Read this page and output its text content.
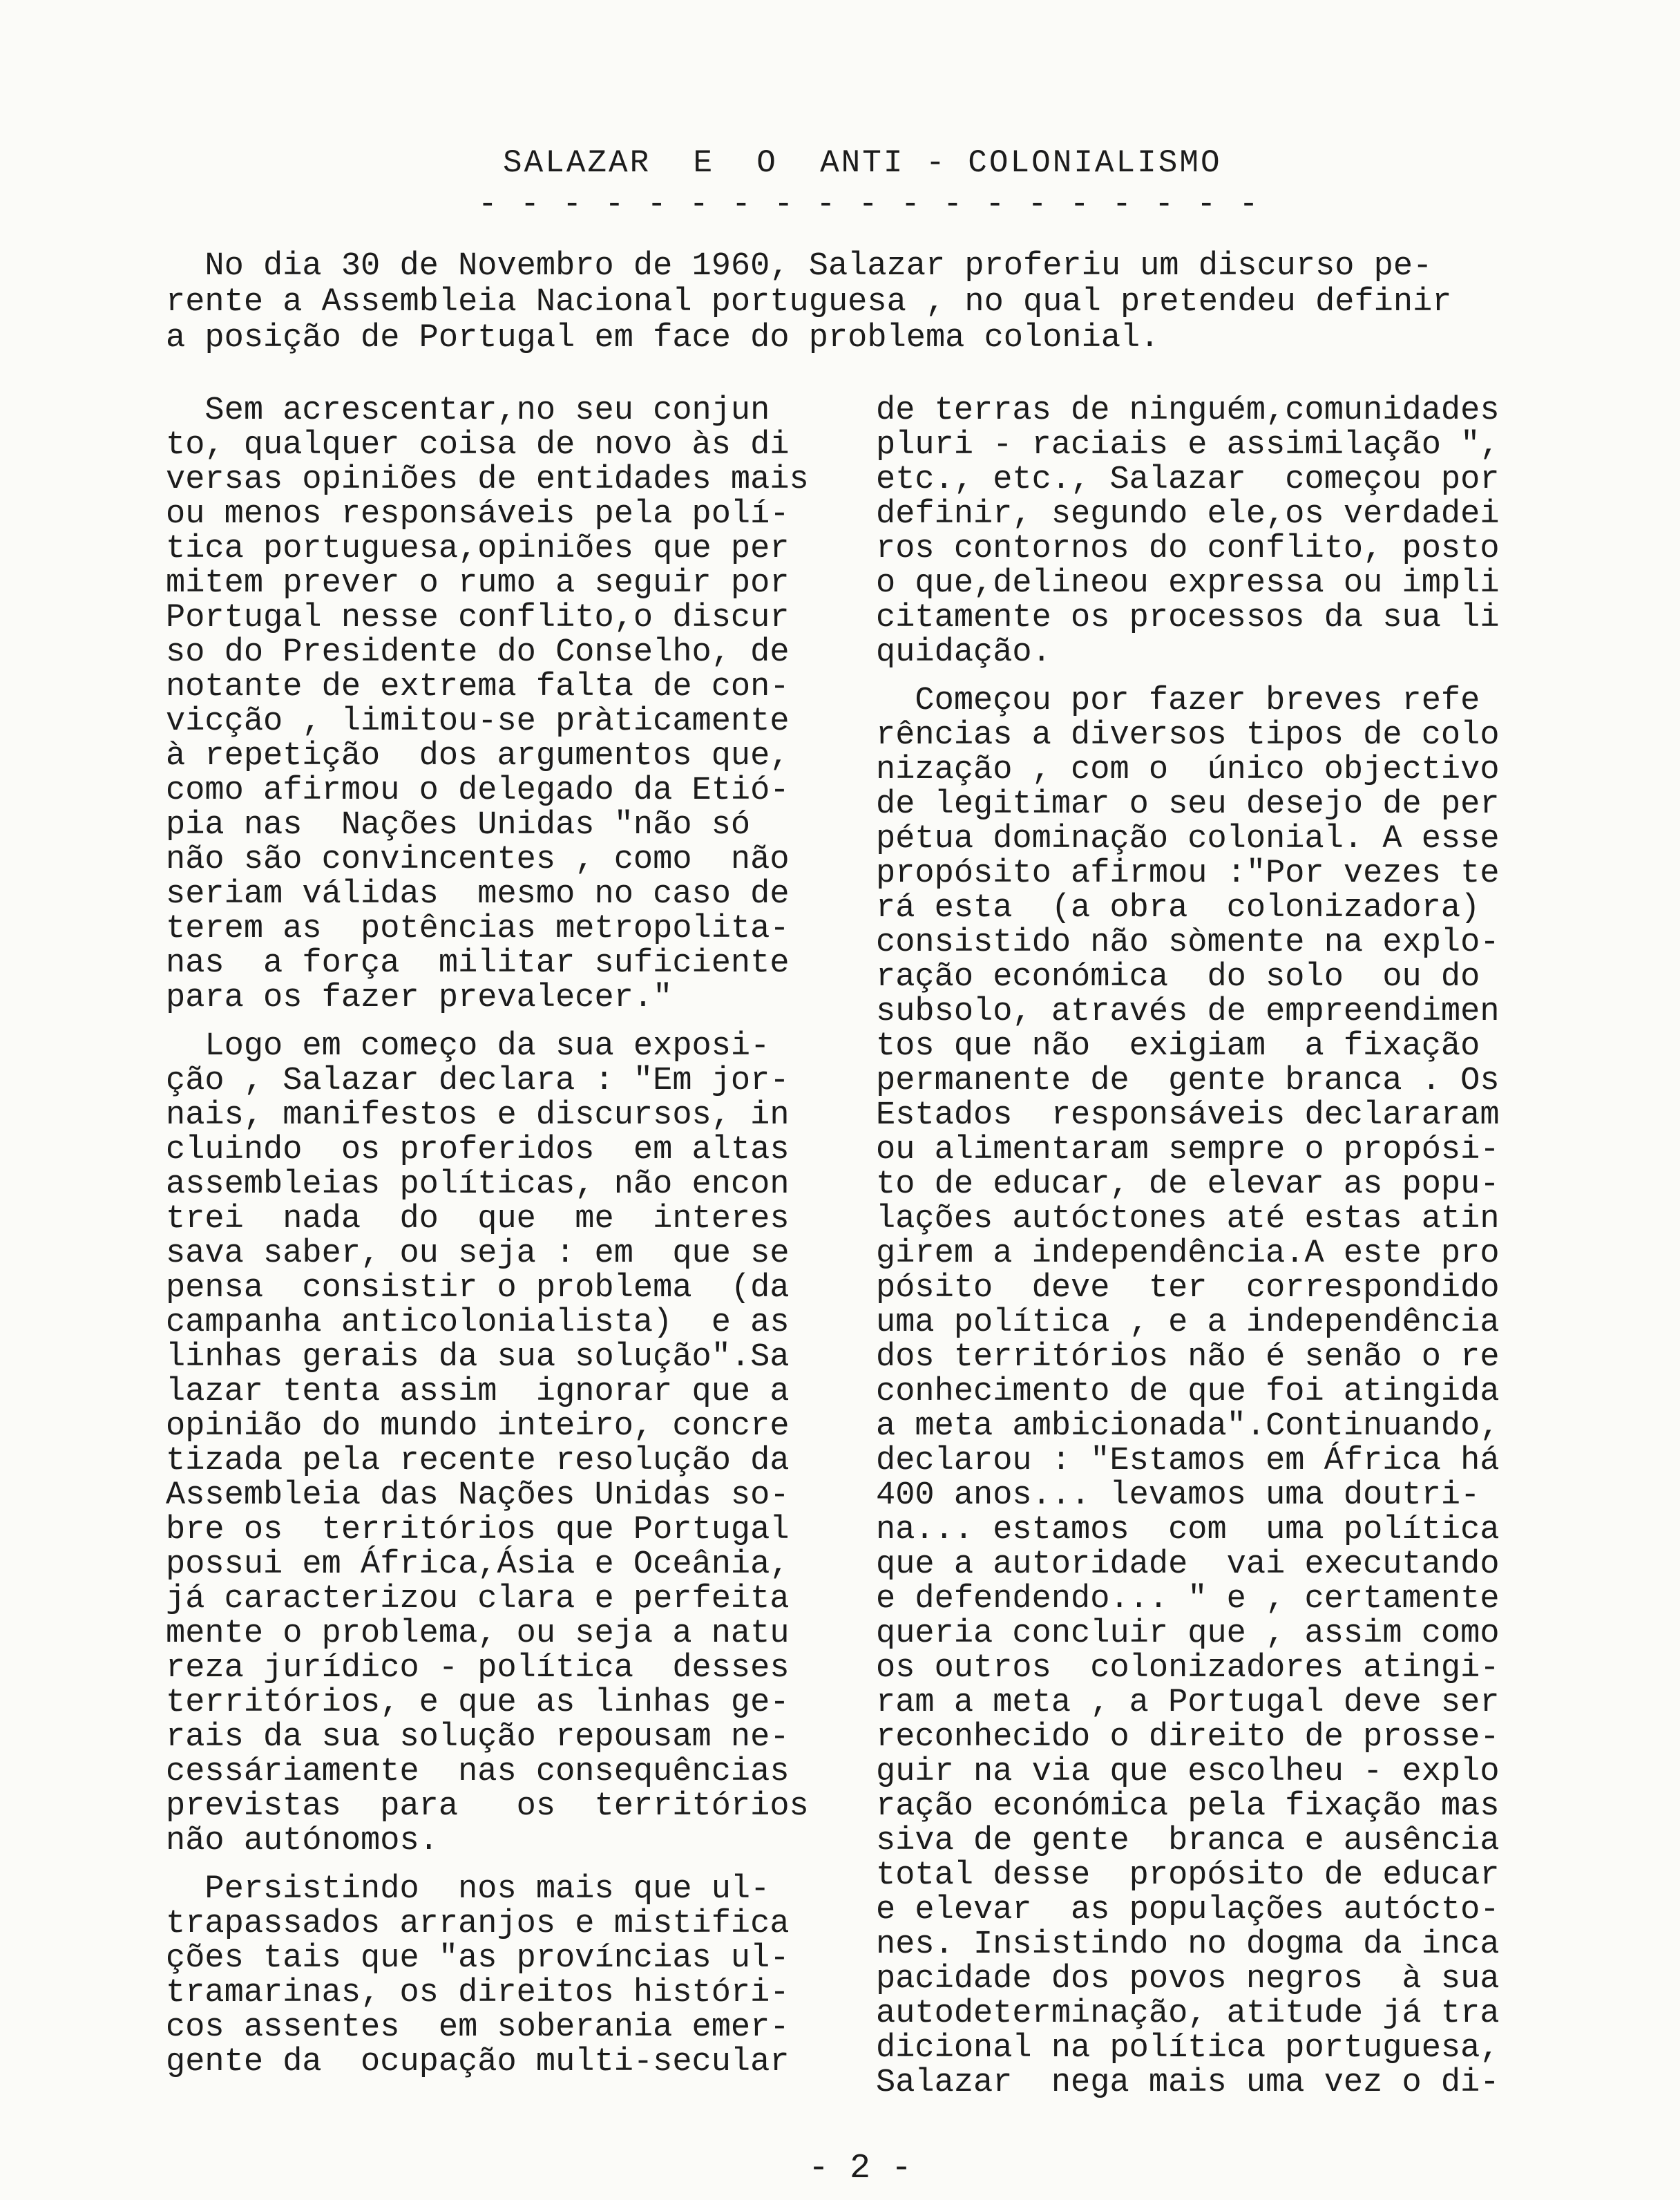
SALAZAR  E  O  ANTI - COLONIALISMO
- - - - - - - - - - - - - - - - - - -

No dia 30 de Novembro de 1960, Salazar proferiu um discurso pe-
rente a Assembleia Nacional portuguesa , no qual pretendeu definir
a posição de Portugal em face do problema colonial.

Sem acrescentar,no seu conjun
to, qualquer coisa de novo às di
versas opiniões de entidades mais
ou menos responsáveis pela polí-
tica portuguesa,opiniões que per
mitem prever o rumo a seguir por
Portugal nesse conflito,o discur
so do Presidente do Conselho, de
notante de extrema falta de con-
vicção , limitou-se pràticamente
à repetição  dos argumentos que,
como afirmou o delegado da Etió-
pia nas  Nações Unidas "não só
não são convincentes , como  não
seriam válidas  mesmo no caso de
terem as  potências metropolita-
nas  a força  militar suficiente
para os fazer prevalecer."

Logo em começo da sua exposi-
ção , Salazar declara : "Em jor-
nais, manifestos e discursos, in
cluindo  os proferidos  em altas
assembleias políticas, não encon
trei  nada  do  que  me  interes
sava saber, ou seja : em  que se
pensa  consistir o problema  (da
campanha anticolonialista)  e as
linhas gerais da sua solução".Sa
lazar tenta assim  ignorar que a
opinião do mundo inteiro, concre
tizada pela recente resolução da
Assembleia das Nações Unidas so-
bre os  territórios que Portugal
possui em África,Ásia e Oceânia,
já caracterizou clara e perfeita
mente o problema, ou seja a natu
reza jurídico - política  desses
territórios, e que as linhas ge-
rais da sua solução repousam ne-
cessáriamente  nas consequências
previstas  para   os  territórios
não autónomos.

Persistindo  nos mais que ul-
trapassados arranjos e mistifica
ções tais que "as províncias ul-
tramarinas, os direitos históri-
cos assentes  em soberania emer-
gente da  ocupação multi-secular

de terras de ninguém,comunidades
pluri - raciais e assimilação ",
etc., etc., Salazar  começou por
definir, segundo ele,os verdadei
ros contornos do conflito, posto
o que,delineou expressa ou impli
citamente os processos da sua li
quidação.

Começou por fazer breves refe
rências a diversos tipos de colo
nização , com o  único objectivo
de legitimar o seu desejo de per
pétua dominação colonial. A esse
propósito afirmou :"Por vezes te
rá esta  (a obra  colonizadora)
consistido não sòmente na explo-
ração económica  do solo  ou do
subsolo, através de empreendimen
tos que não  exigiam  a fixação
permanente de  gente branca . Os
Estados  responsáveis declararam
ou alimentaram sempre o propósi-
to de educar, de elevar as popu-
lações autóctones até estas atin
girem a independência.A este pro
pósito  deve  ter  correspondido
uma política , e a independência
dos territórios não é senão o re
conhecimento de que foi atingida
a meta ambicionada".Continuando,
declarou : "Estamos em África há
400 anos... levamos uma doutri-
na... estamos  com  uma política
que a autoridade  vai executando
e defendendo... " e , certamente
queria concluir que , assim como
os outros  colonizadores atingi-
ram a meta , a Portugal deve ser
reconhecido o direito de prosse-
guir na via que escolheu - explo
ração económica pela fixação mas
siva de gente  branca e ausência
total desse  propósito de educar
e elevar  as populações autócto-
nes. Insistindo no dogma da inca
pacidade dos povos negros  à sua
autodeterminação, atitude já tra
dicional na política portuguesa,
Salazar  nega mais uma vez o di-

- 2 -
